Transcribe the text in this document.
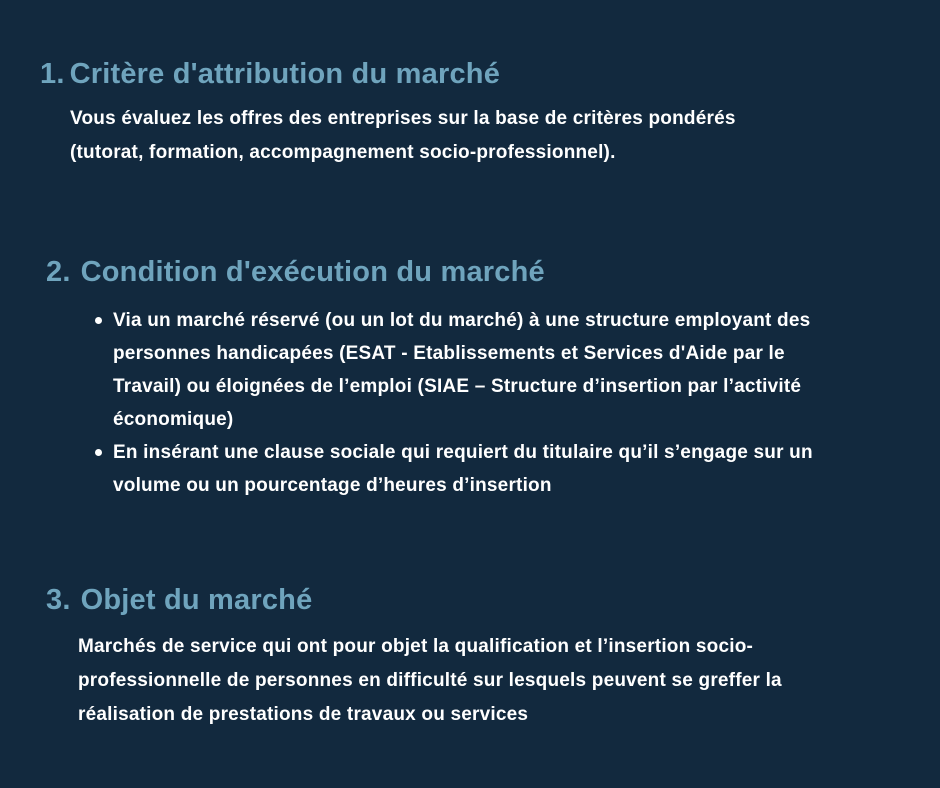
1. Critère d'attribution du marché

Vous évaluez les offres des entreprises sur la base de critères pondérés (tutorat, formation, accompagnement socio-professionnel).

2. Condition d'exécution du marché
Via un marché réservé (ou un lot du marché) à une structure employant des personnes handicapées (ESAT - Etablissements et Services d'Aide par le Travail) ou éloignées de l’emploi (SIAE – Structure d’insertion par l’activité économique)
En insérant une clause sociale qui requiert du titulaire qu’il s’engage sur un volume ou un pourcentage d’heures d’insertion
3. Objet du marché

Marchés de service qui ont pour objet la qualification et l’insertion socio-professionnelle de personnes en difficulté sur lesquels peuvent se greffer la réalisation de prestations de travaux ou services
